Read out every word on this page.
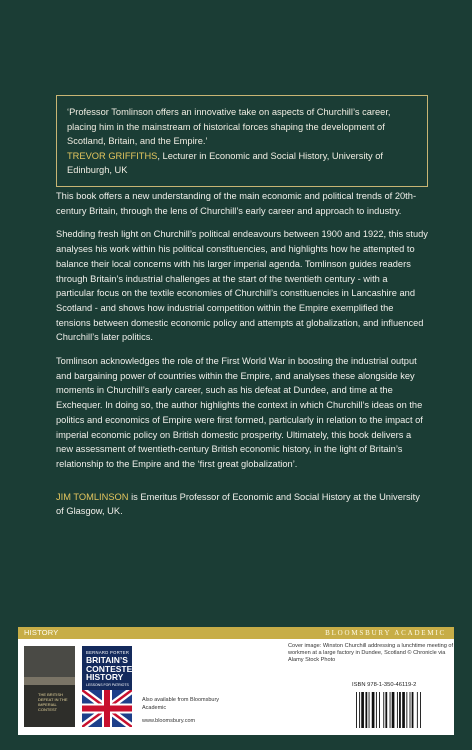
‘Professor Tomlinson offers an innovative take on aspects of Churchill’s career, placing him in the mainstream of historical forces shaping the development of Scotland, Britain, and the Empire.’
TREVOR GRIFFITHS, Lecturer in Economic and Social History, University of Edinburgh, UK

This book offers a new understanding of the main economic and political trends of 20th-century Britain, through the lens of Churchill’s early career and approach to industry.

Shedding fresh light on Churchill’s political endeavours between 1900 and 1922, this study analyses his work within his political constituencies, and highlights how he attempted to balance their local concerns with his larger imperial agenda. Tomlinson guides readers through Britain’s industrial challenges at the start of the twentieth century - with a particular focus on the textile economies of Churchill’s constituencies in Lancashire and Scotland - and shows how industrial competition within the Empire exemplified the tensions between domestic economic policy and attempts at globalization, and influenced Churchill’s later politics.

Tomlinson acknowledges the role of the First World War in boosting the industrial output and bargaining power of countries within the Empire, and analyses these alongside key moments in Churchill’s early career, such as his defeat at Dundee, and time at the Exchequer. In doing so, the author highlights the context in which Churchill’s ideas on the politics and economics of Empire were first formed, particularly in relation to the impact of imperial economic policy on British domestic prosperity. Ultimately, this book delivers a new assessment of twentieth-century British economic history, in the light of Britain’s relationship to the Empire and the ‘first great globalization’.

JIM TOMLINSON is Emeritus Professor of Economic and Social History at the University of Glasgow, UK.

HISTORY	BLOOMSBURY ACADEMIC
THE BRITISH DEFEAT IN THE IMPERIAL CONTEST
BERNARD PORTER
BRITAIN’S CONTESTED HISTORY
LESSONS FOR PATRIOTS
Also available from Bloomsbury Academic
www.bloomsbury.com
Cover image: Winston Churchill addressing a lunchtime meeting of workmen at a large factory in Dundee, Scotland © Chronicle via Alamy Stock Photo
ISBN 978-1-350-46119-2
